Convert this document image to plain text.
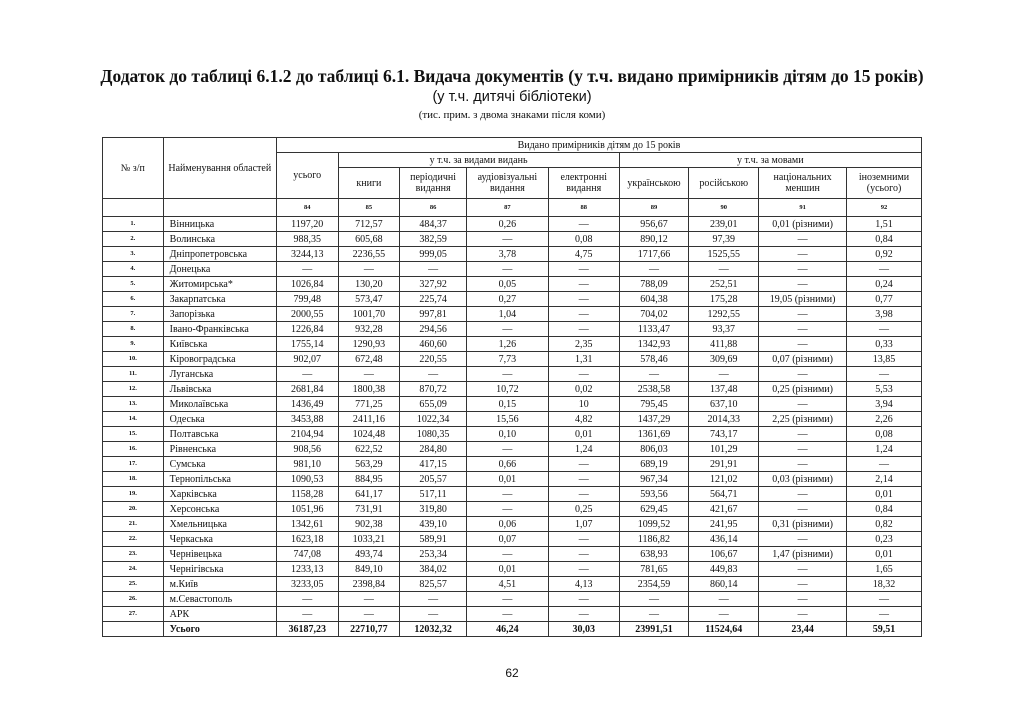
Додаток до таблиці 6.1.2 до таблиці 6.1. Видача документів (у т.ч. видано примірників дітям до 15 років)
(у т.ч. дитячі бібліотеки)
(тис. прим. з двома знаками після коми)
№ з/п	Найменування областей	Видано примірників дітям до 15 років								
		усього	у т.ч. за видами видань				у т.ч. за мовами			
			книги	періодичні видання	аудіовізуальні видання	електронні видання	українською	російською	національних меншин	іноземними (усього)
		84	85	86	87	88	89	90	91	92
1.	Вінницька	1197,20	712,57	484,37	0,26	—	956,67	239,01	0,01 (різними)	1,51
2.	Волинська	988,35	605,68	382,59	—	0,08	890,12	97,39	—	0,84
3.	Дніпропетровська	3244,13	2236,55	999,05	3,78	4,75	1717,66	1525,55	—	0,92
4.	Донецька	—	—	—	—	—	—	—	—	—
5.	Житомирська*	1026,84	130,20	327,92	0,05	—	788,09	252,51	—	0,24
6.	Закарпатська	799,48	573,47	225,74	0,27	—	604,38	175,28	19,05 (різними)	0,77
7.	Запорізька	2000,55	1001,70	997,81	1,04	—	704,02	1292,55	—	3,98
8.	Івано-Франківська	1226,84	932,28	294,56	—	—	1133,47	93,37	—	—
9.	Київська	1755,14	1290,93	460,60	1,26	2,35	1342,93	411,88	—	0,33
10.	Кіровоградська	902,07	672,48	220,55	7,73	1,31	578,46	309,69	0,07 (різними)	13,85
11.	Луганська	—	—	—	—	—	—	—	—	—
12.	Львівська	2681,84	1800,38	870,72	10,72	0,02	2538,58	137,48	0,25 (різними)	5,53
13.	Миколаївська	1436,49	771,25	655,09	0,15	10	795,45	637,10	—	3,94
14.	Одеська	3453,88	2411,16	1022,34	15,56	4,82	1437,29	2014,33	2,25 (різними)	2,26
15.	Полтавська	2104,94	1024,48	1080,35	0,10	0,01	1361,69	743,17	—	0,08
16.	Рівненська	908,56	622,52	284,80	—	1,24	806,03	101,29	—	1,24
17.	Сумська	981,10	563,29	417,15	0,66	—	689,19	291,91	—	—
18.	Тернопільська	1090,53	884,95	205,57	0,01	—	967,34	121,02	0,03 (різними)	2,14
19.	Харківська	1158,28	641,17	517,11	—	—	593,56	564,71	—	0,01
20.	Херсонська	1051,96	731,91	319,80	—	0,25	629,45	421,67	—	0,84
21.	Хмельницька	1342,61	902,38	439,10	0,06	1,07	1099,52	241,95	0,31 (різними)	0,82
22.	Черкаська	1623,18	1033,21	589,91	0,07	—	1186,82	436,14	—	0,23
23.	Чернівецька	747,08	493,74	253,34	—	—	638,93	106,67	1,47 (різними)	0,01
24.	Чернігівська	1233,13	849,10	384,02	0,01	—	781,65	449,83	—	1,65
25.	м.Київ	3233,05	2398,84	825,57	4,51	4,13	2354,59	860,14	—	18,32
26.	м.Севастополь	—	—	—	—	—	—	—	—	—
27.	АРК	—	—	—	—	—	—	—	—	—
	Усього	36187,23	22710,77	12032,32	46,24	30,03	23991,51	11524,64	23,44	59,51
62
